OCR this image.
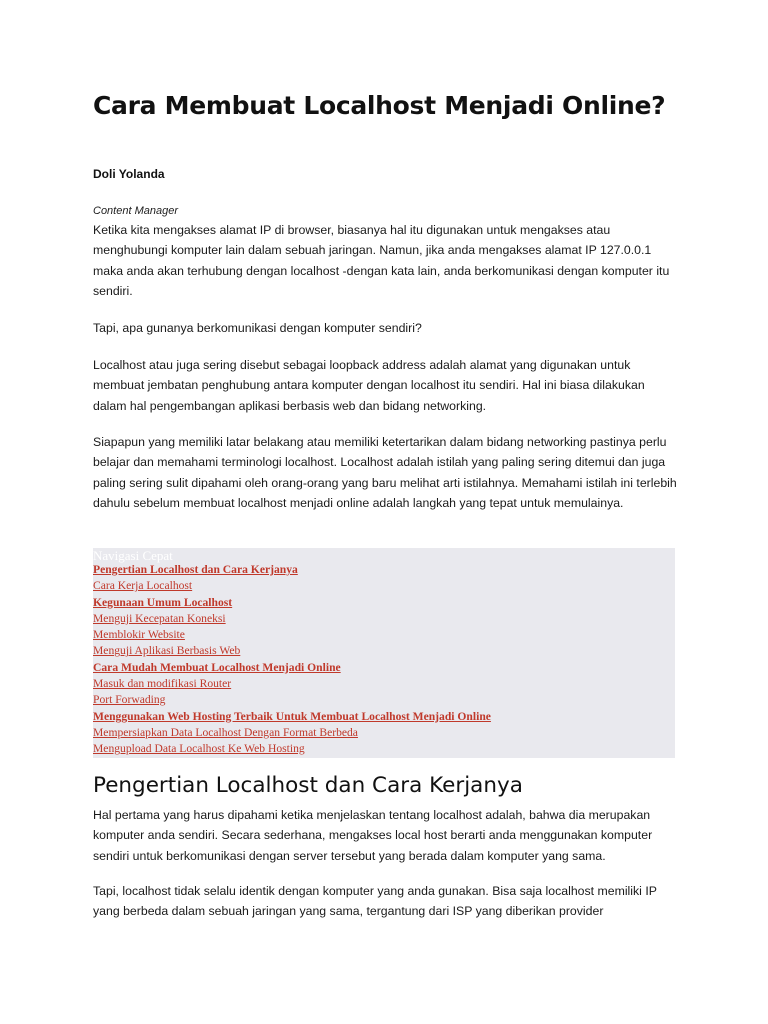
Cara Membuat Localhost Menjadi Online?
Doli Yolanda
Content Manager

Ketika kita mengakses alamat IP di browser, biasanya hal itu digunakan untuk mengakses atau menghubungi komputer lain dalam sebuah jaringan. Namun, jika anda mengakses alamat IP 127.0.0.1 maka anda akan terhubung dengan localhost -dengan kata lain, anda berkomunikasi dengan komputer itu sendiri.

Tapi, apa gunanya berkomunikasi dengan komputer sendiri?

Localhost atau juga sering disebut sebagai loopback address adalah alamat yang digunakan untuk membuat jembatan penghubung antara komputer dengan localhost itu sendiri. Hal ini biasa dilakukan dalam hal pengembangan aplikasi berbasis web dan bidang networking.

Siapapun yang memiliki latar belakang atau memiliki ketertarikan dalam bidang networking pastinya perlu belajar dan memahami terminologi localhost. Localhost adalah istilah yang paling sering ditemui dan juga paling sering sulit dipahami oleh orang-orang yang baru melihat arti istilahnya. Memahami istilah ini terlebih dahulu sebelum membuat localhost menjadi online adalah langkah yang tepat untuk memulainya.

Navigasi Cepat
Pengertian Localhost dan Cara Kerjanya
Cara Kerja Localhost
Kegunaan Umum Localhost
Menguji Kecepatan Koneksi
Memblokir Website
Menguji Aplikasi Berbasis Web
Cara Mudah Membuat Localhost Menjadi Online
Masuk dan modifikasi Router
Port Forwading
Menggunakan Web Hosting Terbaik Untuk Membuat Localhost Menjadi Online
Mempersiapkan Data Localhost Dengan Format Berbeda
Mengupload Data Localhost Ke Web Hosting
Pengertian Localhost dan Cara Kerjanya

Hal pertama yang harus dipahami ketika menjelaskan tentang localhost adalah, bahwa dia merupakan komputer anda sendiri. Secara sederhana, mengakses local host berarti anda menggunakan komputer sendiri untuk berkomunikasi dengan server tersebut yang berada dalam komputer yang sama.

Tapi, localhost tidak selalu identik dengan komputer yang anda gunakan. Bisa saja localhost memiliki IP yang berbeda dalam sebuah jaringan yang sama, tergantung dari ISP yang diberikan provider
